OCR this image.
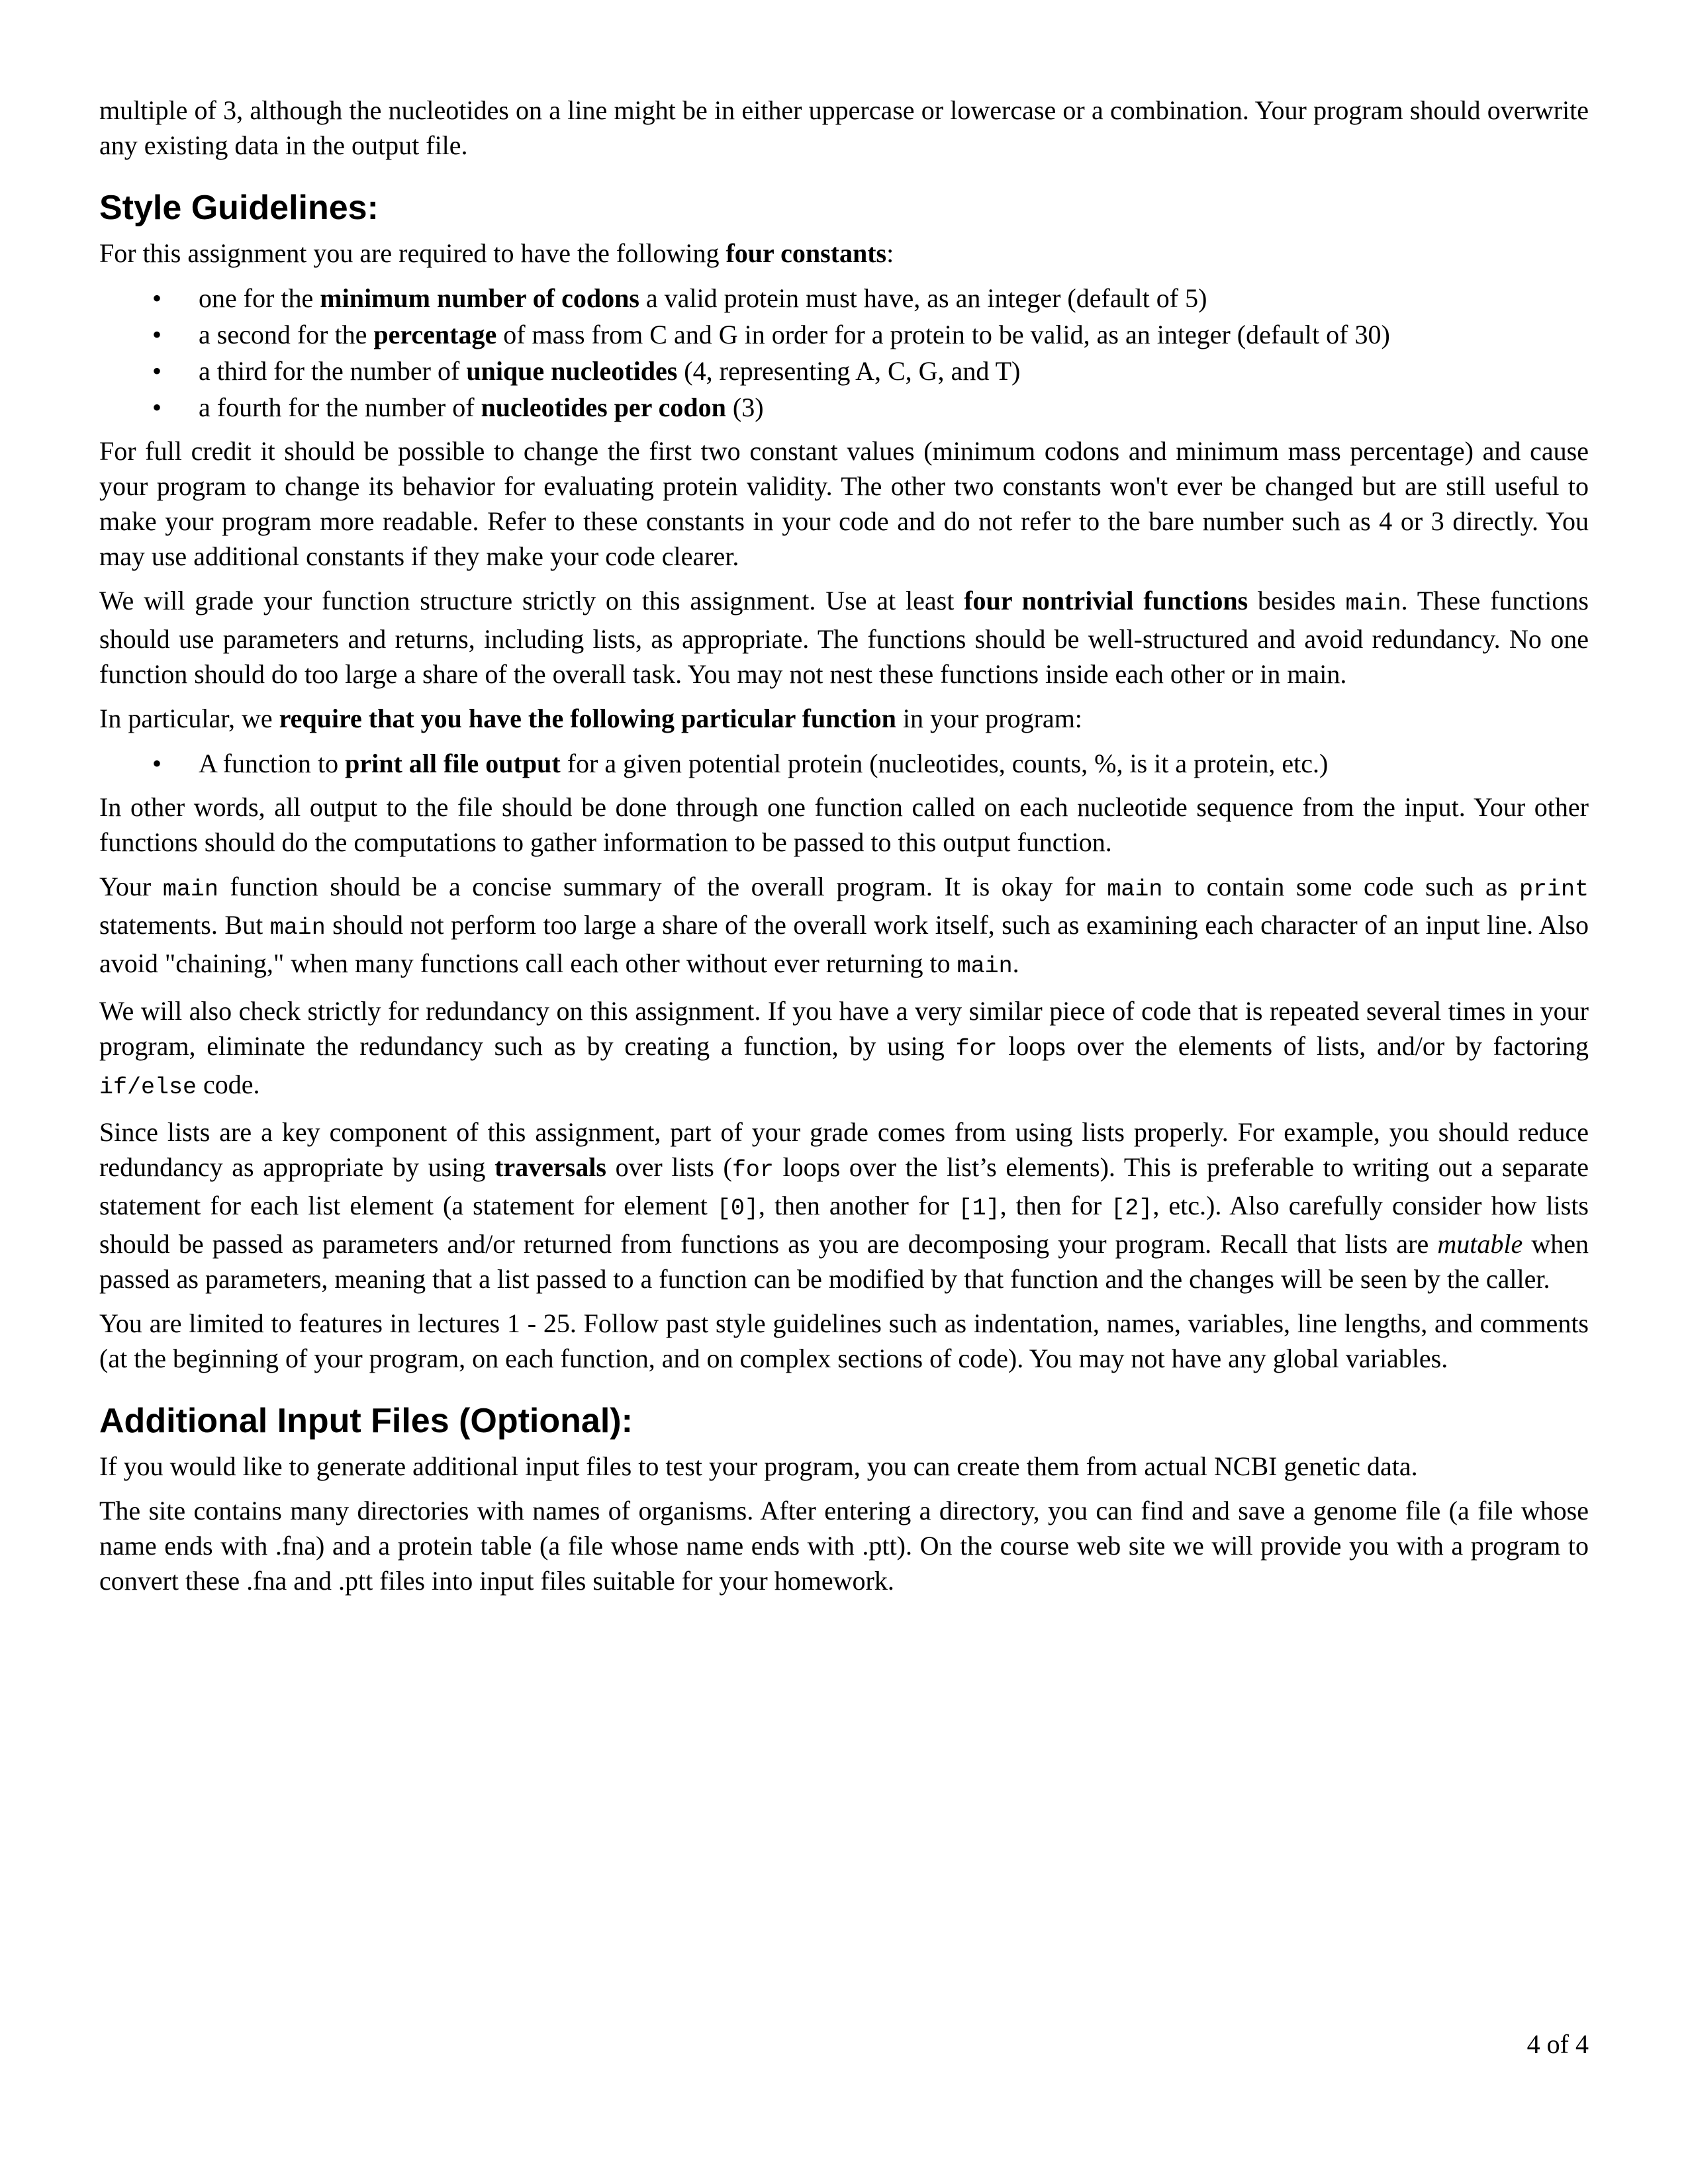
multiple of 3, although the nucleotides on a line might be in either uppercase or lowercase or a combination. Your program should overwrite any existing data in the output file.

Style Guidelines:

For this assignment you are required to have the following four constants:

• one for the minimum number of codons a valid protein must have, as an integer (default of 5)
• a second for the percentage of mass from C and G in order for a protein to be valid, as an integer (default of 30)
• a third for the number of unique nucleotides (4, representing A, C, G, and T)
• a fourth for the number of nucleotides per codon (3)

For full credit it should be possible to change the first two constant values (minimum codons and minimum mass percentage) and cause your program to change its behavior for evaluating protein validity. The other two constants won't ever be changed but are still useful to make your program more readable. Refer to these constants in your code and do not refer to the bare number such as 4 or 3 directly. You may use additional constants if they make your code clearer.

We will grade your function structure strictly on this assignment. Use at least four nontrivial functions besides main. These functions should use parameters and returns, including lists, as appropriate. The functions should be well-structured and avoid redundancy. No one function should do too large a share of the overall task. You may not nest these functions inside each other or in main.

In particular, we require that you have the following particular function in your program:

• A function to print all file output for a given potential protein (nucleotides, counts, %, is it a protein, etc.)

In other words, all output to the file should be done through one function called on each nucleotide sequence from the input. Your other functions should do the computations to gather information to be passed to this output function.

Your main function should be a concise summary of the overall program. It is okay for main to contain some code such as print statements. But main should not perform too large a share of the overall work itself, such as examining each character of an input line. Also avoid "chaining," when many functions call each other without ever returning to main.

We will also check strictly for redundancy on this assignment. If you have a very similar piece of code that is repeated several times in your program, eliminate the redundancy such as by creating a function, by using for loops over the elements of lists, and/or by factoring if/else code.

Since lists are a key component of this assignment, part of your grade comes from using lists properly. For example, you should reduce redundancy as appropriate by using traversals over lists (for loops over the list’s elements). This is preferable to writing out a separate statement for each list element (a statement for element [0], then another for [1], then for [2], etc.). Also carefully consider how lists should be passed as parameters and/or returned from functions as you are decomposing your program. Recall that lists are mutable when passed as parameters, meaning that a list passed to a function can be modified by that function and the changes will be seen by the caller.

You are limited to features in lectures 1 - 25. Follow past style guidelines such as indentation, names, variables, line lengths, and comments (at the beginning of your program, on each function, and on complex sections of code). You may not have any global variables.

Additional Input Files (Optional):

If you would like to generate additional input files to test your program, you can create them from actual NCBI genetic data.

The site contains many directories with names of organisms. After entering a directory, you can find and save a genome file (a file whose name ends with .fna) and a protein table (a file whose name ends with .ptt). On the course web site we will provide you with a program to convert these .fna and .ptt files into input files suitable for your homework.

4 of 4
